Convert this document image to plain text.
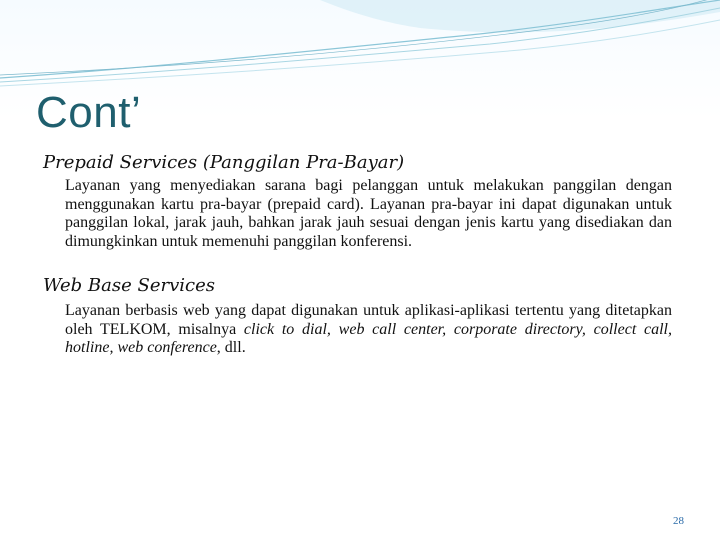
Cont’

Prepaid Services (Panggilan Pra-Bayar)

Layanan yang menyediakan sarana bagi pelanggan untuk melakukan panggilan dengan menggunakan kartu pra-bayar (prepaid card). Layanan pra-bayar ini dapat digunakan untuk panggilan lokal, jarak jauh, bahkan jarak jauh sesuai dengan jenis kartu yang disediakan dan dimungkinkan untuk memenuhi panggilan konferensi.

Web Base Services

Layanan berbasis web yang dapat digunakan untuk aplikasi-aplikasi tertentu yang ditetapkan oleh TELKOM, misalnya click to dial, web call center, corporate directory, collect call, hotline, web conference, dll.

28
